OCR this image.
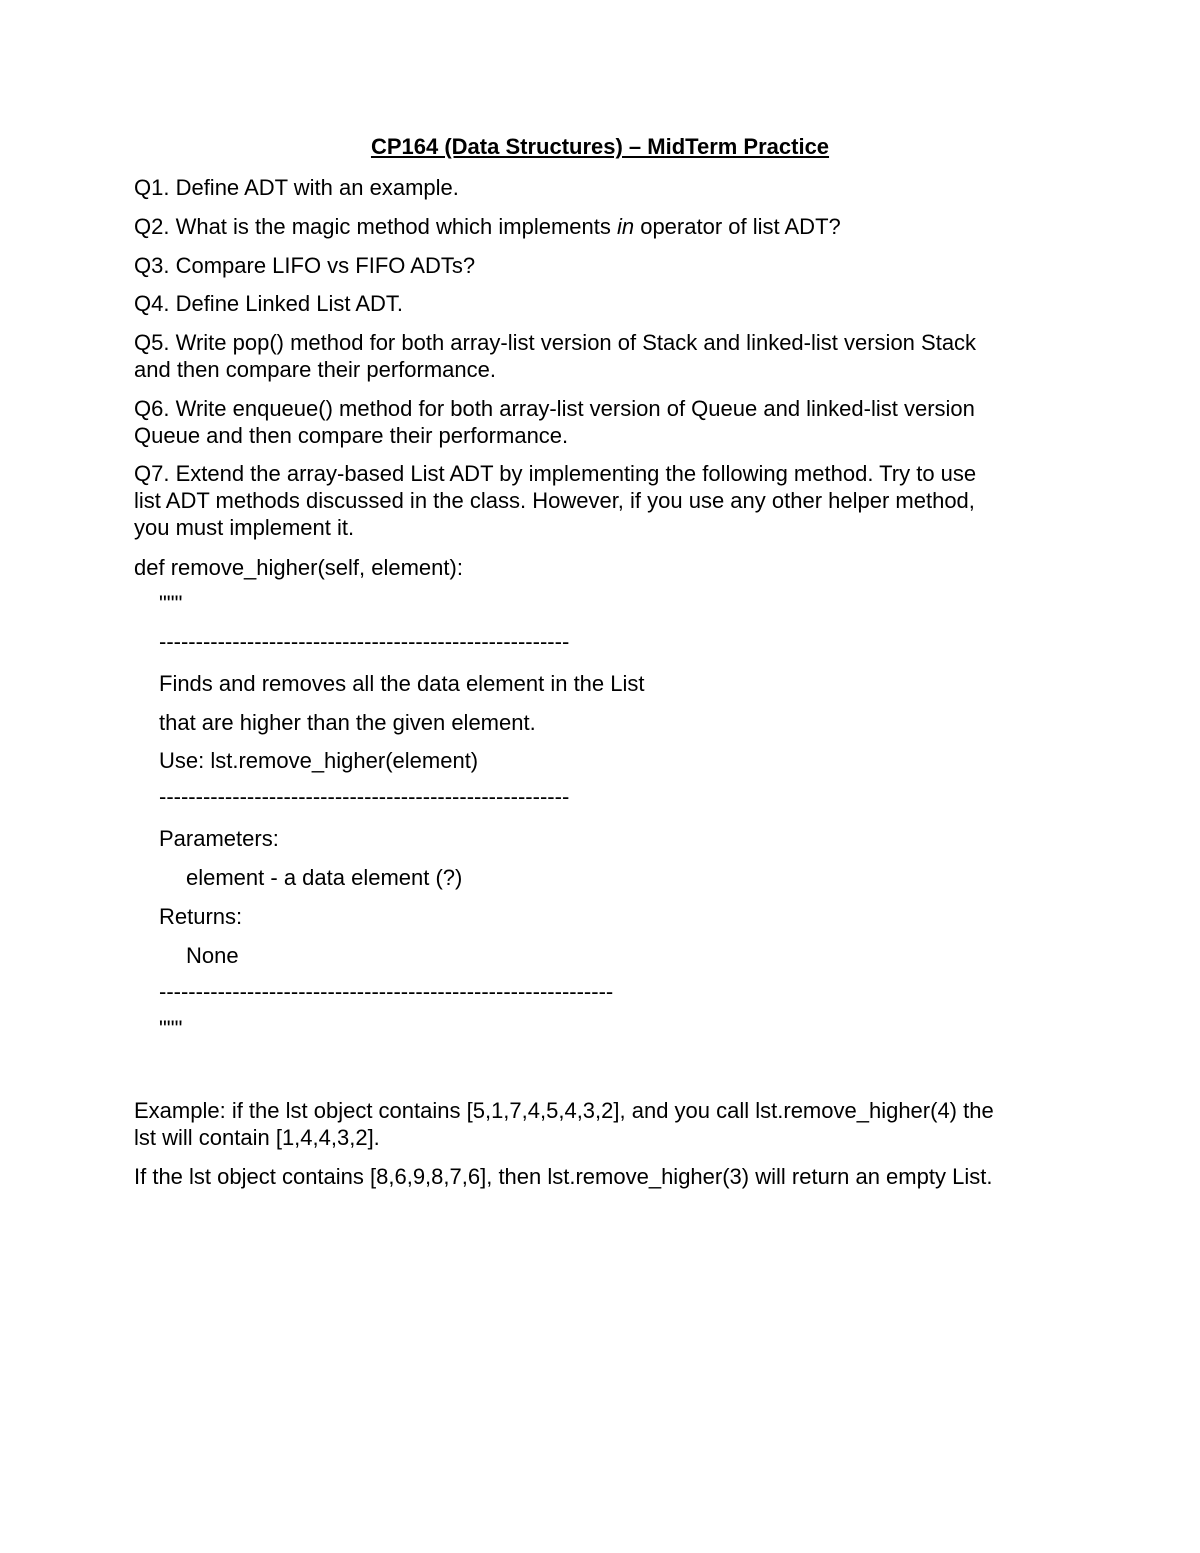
CP164 (Data Structures) – MidTerm Practice
Q1. Define ADT with an example.
Q2. What is the magic method which implements in operator of list ADT?
Q3. Compare LIFO vs FIFO ADTs?
Q4. Define Linked List ADT.
Q5. Write pop() method for both array-list version of Stack and linked-list version Stack
and then compare their performance.
Q6. Write enqueue() method for both array-list version of Queue and linked-list version
Queue and then compare their performance.
Q7. Extend the array-based List ADT by implementing the following method. Try to use
list ADT methods discussed in the class. However, if you use any other helper method,
you must implement it.
def remove_higher(self, element):
"""
--------------------------------------------------------
Finds and removes all the data element in the List
that are higher than the given element.
Use: lst.remove_higher(element)
--------------------------------------------------------
Parameters:
element - a data element (?)
Returns:
None
--------------------------------------------------------------
"""
Example: if the lst object contains [5,1,7,4,5,4,3,2], and you call lst.remove_higher(4) the
lst will contain [1,4,4,3,2].
If the lst object contains [8,6,9,8,7,6], then lst.remove_higher(3) will return an empty List.
